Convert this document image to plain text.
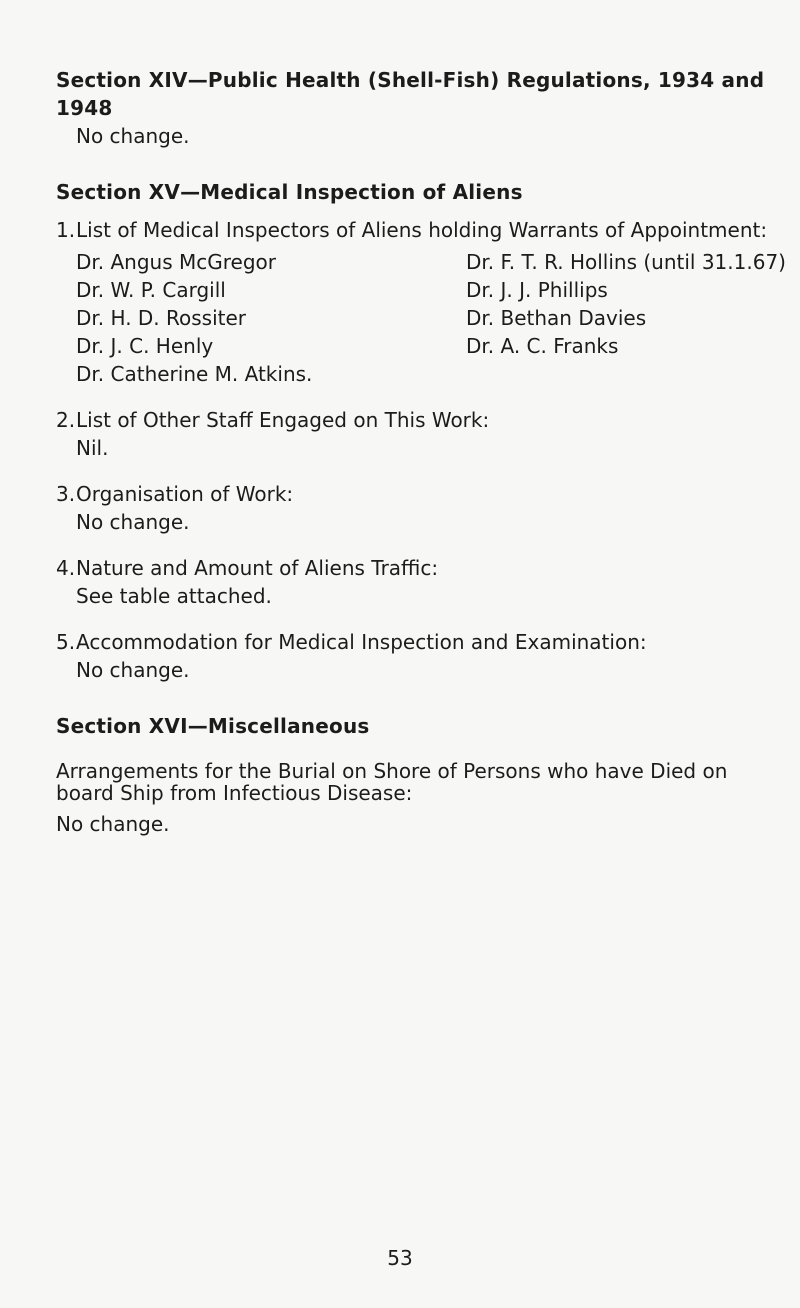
Section XIV—Public Health (Shell-Fish) Regulations, 1934 and 1948

No change.

Section XV—Medical Inspection of Aliens

1. List of Medical Inspectors of Aliens holding Warrants of Appointment:
Dr. Angus McGregor
Dr. W. P. Cargill
Dr. H. D. Rossiter
Dr. J. C. Henly
Dr. Catherine M. Atkins.
Dr. F. T. R. Hollins (until 31.1.67)
Dr. J. J. Phillips
Dr. Bethan Davies
Dr. A. C. Franks
2. List of Other Staff Engaged on This Work:

Nil.

3. Organisation of Work:

No change.

4. Nature and Amount of Aliens Traffic:

See table attached.

5. Accommodation for Medical Inspection and Examination:

No change.

Section XVI—Miscellaneous

Arrangements for the Burial on Shore of Persons who have Died on board Ship from Infectious Disease:

No change.

53
